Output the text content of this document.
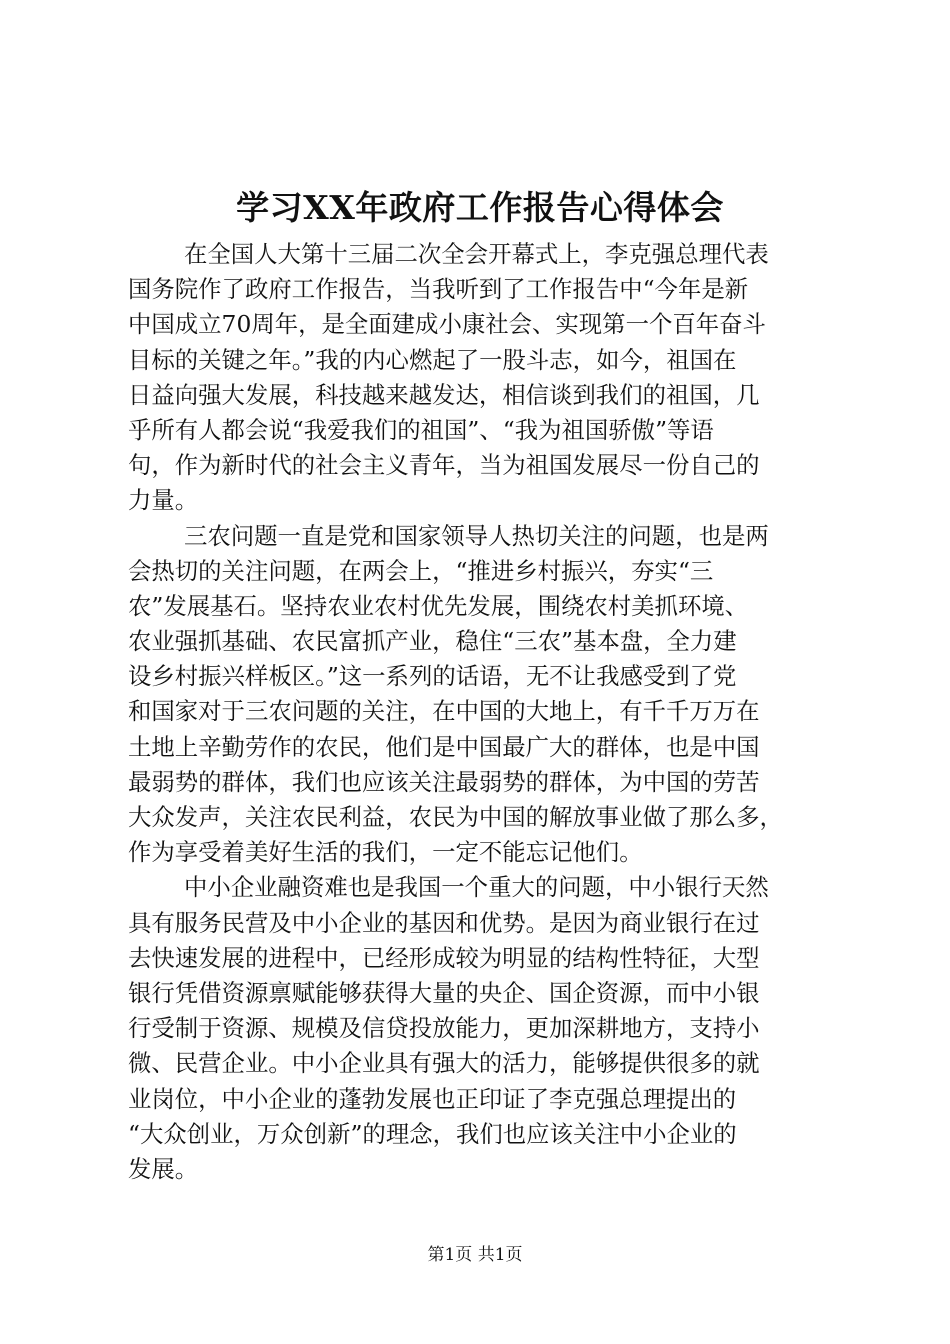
学习XX年政府工作报告心得体会
在全国人大第十三届二次全会开幕式上，李克强总理代表
国务院作了政府工作报告，当我听到了工作报告中“今年是新
中国成立70周年，是全面建成小康社会、实现第一个百年奋斗
目标的关键之年。”我的内心燃起了一股斗志，如今，祖国在
日益向强大发展，科技越来越发达，相信谈到我们的祖国，几
乎所有人都会说“我爱我们的祖国”、“我为祖国骄傲”等语
句，作为新时代的社会主义青年，当为祖国发展尽一份自己的
力量。
三农问题一直是党和国家领导人热切关注的问题，也是两
会热切的关注问题，在两会上，“推进乡村振兴，夯实“三
农”发展基石。坚持农业农村优先发展，围绕农村美抓环境、
农业强抓基础、农民富抓产业，稳住“三农”基本盘，全力建
设乡村振兴样板区。”这一系列的话语，无不让我感受到了党
和国家对于三农问题的关注，在中国的大地上，有千千万万在
土地上辛勤劳作的农民，他们是中国最广大的群体，也是中国
最弱势的群体，我们也应该关注最弱势的群体，为中国的劳苦
大众发声，关注农民利益，农民为中国的解放事业做了那么多，
作为享受着美好生活的我们，一定不能忘记他们。
中小企业融资难也是我国一个重大的问题，中小银行天然
具有服务民营及中小企业的基因和优势。是因为商业银行在过
去快速发展的进程中，已经形成较为明显的结构性特征，大型
银行凭借资源禀赋能够获得大量的央企、国企资源，而中小银
行受制于资源、规模及信贷投放能力，更加深耕地方，支持小
微、民营企业。中小企业具有强大的活力，能够提供很多的就
业岗位，中小企业的蓬勃发展也正印证了李克强总理提出的
“大众创业，万众创新”的理念，我们也应该关注中小企业的
发展。
第1页 共1页
